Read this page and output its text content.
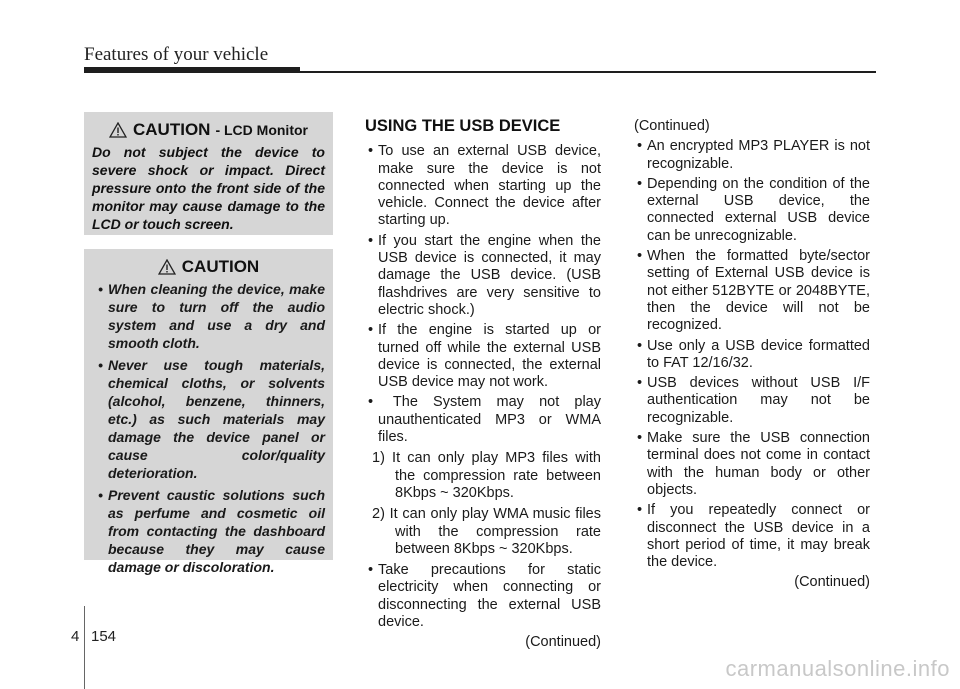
Features of your vehicle
CAUTION - LCD Monitor
Do not subject the device to severe shock or impact. Direct pressure onto the front side of the monitor may cause damage to the LCD or touch screen.
CAUTION
• When cleaning the device, make sure to turn off the audio system and use a dry and smooth cloth.
• Never use tough materials, chemical cloths, or solvents (alcohol, benzene, thinners, etc.) as such materials may damage the device panel or cause color/quality deterioration.
• Prevent caustic solutions such as perfume and cosmetic oil from contacting the dashboard because they may cause damage or discoloration.
USING THE USB DEVICE
• To use an external USB device, make sure the device is not connected when starting up the vehicle. Connect the device after starting up.
• If you start the engine when the USB device is connected, it may damage the USB device. (USB flashdrives are very sensitive to electric shock.)
• If the engine is started up or turned off while the external USB device is connected, the external USB device may not work.
• The System may not play unauthenticated MP3 or WMA files.
1) It can only play MP3 files with the compression rate between 8Kbps ~ 320Kbps.
2) It can only play WMA music files with the compression rate between 8Kbps ~ 320Kbps.
• Take precautions for static electricity when connecting or disconnecting the external USB device.
(Continued)
(Continued)
• An encrypted MP3 PLAYER is not recognizable.
• Depending on the condition of the external USB device, the connected external USB device can be unrecognizable.
• When the formatted byte/sector setting of External USB device is not either 512BYTE or 2048BYTE, then the device will not be recognized.
• Use only a USB device formatted to FAT 12/16/32.
• USB devices without USB I/F authentication may not be recognizable.
• Make sure the USB connection terminal does not come in contact with the human body or other objects.
• If you repeatedly connect or disconnect the USB device in a short period of time, it may break the device.
(Continued)
4 154
carmanualsonline.info
